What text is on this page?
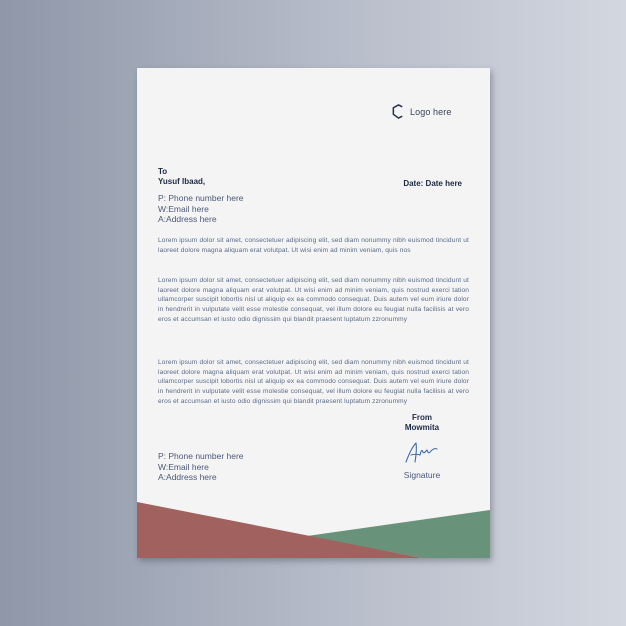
Logo here
To
Yusuf Ibaad,	Date: Date here
P: Phone number here
W:Email here
A:Address here
Lorem ipsum dolor sit amet, consectetuer adipiscing elit, sed diam nonummy nibh euismod tincidunt ut laoreet dolore magna aliquam erat volutpat. Ut wisi enim ad minim veniam, quis nos
Lorem ipsum dolor sit amet, consectetuer adipiscing elit, sed diam nonummy nibh euismod tincidunt ut laoreet dolore magna aliquam erat volutpat. Ut wisi enim ad minim veniam, quis nostrud exerci tation ullamcorper suscipit lobortis nisl ut aliquip ex ea commodo consequat. Duis autem vel eum iriure dolor in hendrerit in vulputate velit esse molestie consequat, vel illum dolore eu feugiat nulla facilisis at vero eros et accumsan et iusto odio dignissim qui blandit praesent luptatum zzronummy
Lorem ipsum dolor sit amet, consectetuer adipiscing elit, sed diam nonummy nibh euismod tincidunt ut laoreet dolore magna aliquam erat volutpat. Ut wisi enim ad minim veniam, quis nostrud exerci tation ullamcorper suscipit lobortis nisl ut aliquip ex ea commodo consequat. Duis autem vel eum iriure dolor in hendrerit in vulputate velit esse molestie consequat, vel illum dolore eu feugiat nulla facilisis at vero eros et accumsan et iusto odio dignissim qui blandit praesent luptatum zzronummy
From
Mowmita
Signature
P: Phone number here
W:Email here
A:Address here
